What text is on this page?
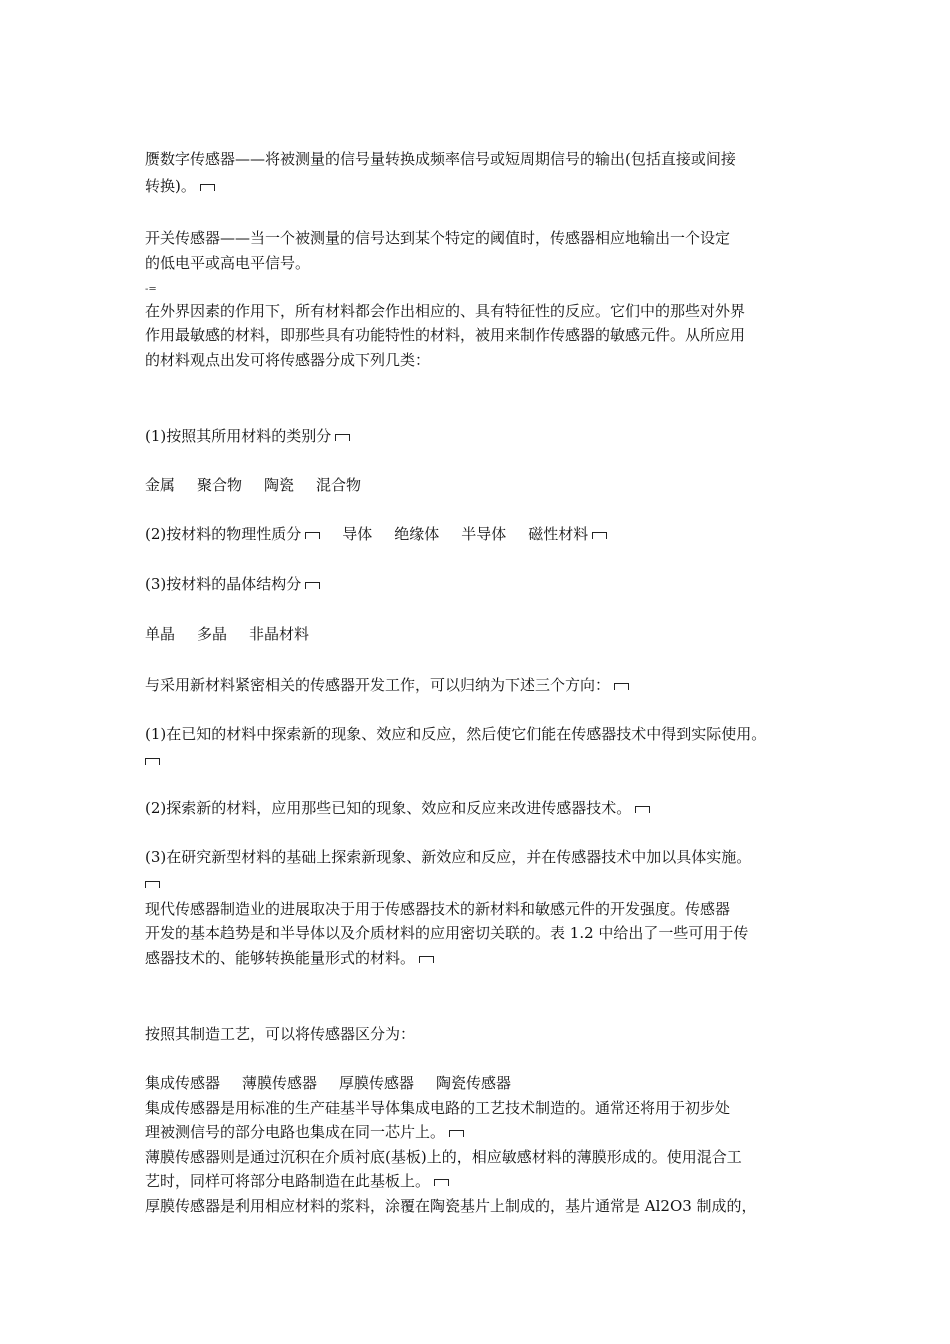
赝数字传感器——将被测量的信号量转换成频率信号或短周期信号的输出(包括直接或间接
转换)。
开关传感器——当一个被测量的信号达到某个特定的阈值时，传感器相应地输出一个设定
的低电平或高电平信号。
-=
在外界因素的作用下，所有材料都会作出相应的、具有特征性的反应。它们中的那些对外界
作用最敏感的材料，即那些具有功能特性的材料，被用来制作传感器的敏感元件。从所应用
的材料观点出发可将传感器分成下列几类：
(1)按照其所用材料的类别分
金属 聚合物 陶瓷 混合物
(2)按材料的物理性质分	导体 绝缘体 半导体 磁性材料
(3)按材料的晶体结构分
单晶 多晶 非晶材料
与采用新材料紧密相关的传感器开发工作，可以归纳为下述三个方向：
(1)在已知的材料中探索新的现象、效应和反应，然后使它们能在传感器技术中得到实际使用。
(2)探索新的材料，应用那些已知的现象、效应和反应来改进传感器技术。
(3)在研究新型材料的基础上探索新现象、新效应和反应，并在传感器技术中加以具体实施。
现代传感器制造业的进展取决于用于传感器技术的新材料和敏感元件的开发强度。传感器
开发的基本趋势是和半导体以及介质材料的应用密切关联的。表 1.2 中给出了一些可用于传
感器技术的、能够转换能量形式的材料。
按照其制造工艺，可以将传感器区分为：
集成传感器 薄膜传感器 厚膜传感器 陶瓷传感器
集成传感器是用标准的生产硅基半导体集成电路的工艺技术制造的。通常还将用于初步处
理被测信号的部分电路也集成在同一芯片上。
薄膜传感器则是通过沉积在介质衬底(基板)上的，相应敏感材料的薄膜形成的。使用混合工
艺时，同样可将部分电路制造在此基板上。
厚膜传感器是利用相应材料的浆料，涂覆在陶瓷基片上制成的，基片通常是 Al2O3 制成的，
